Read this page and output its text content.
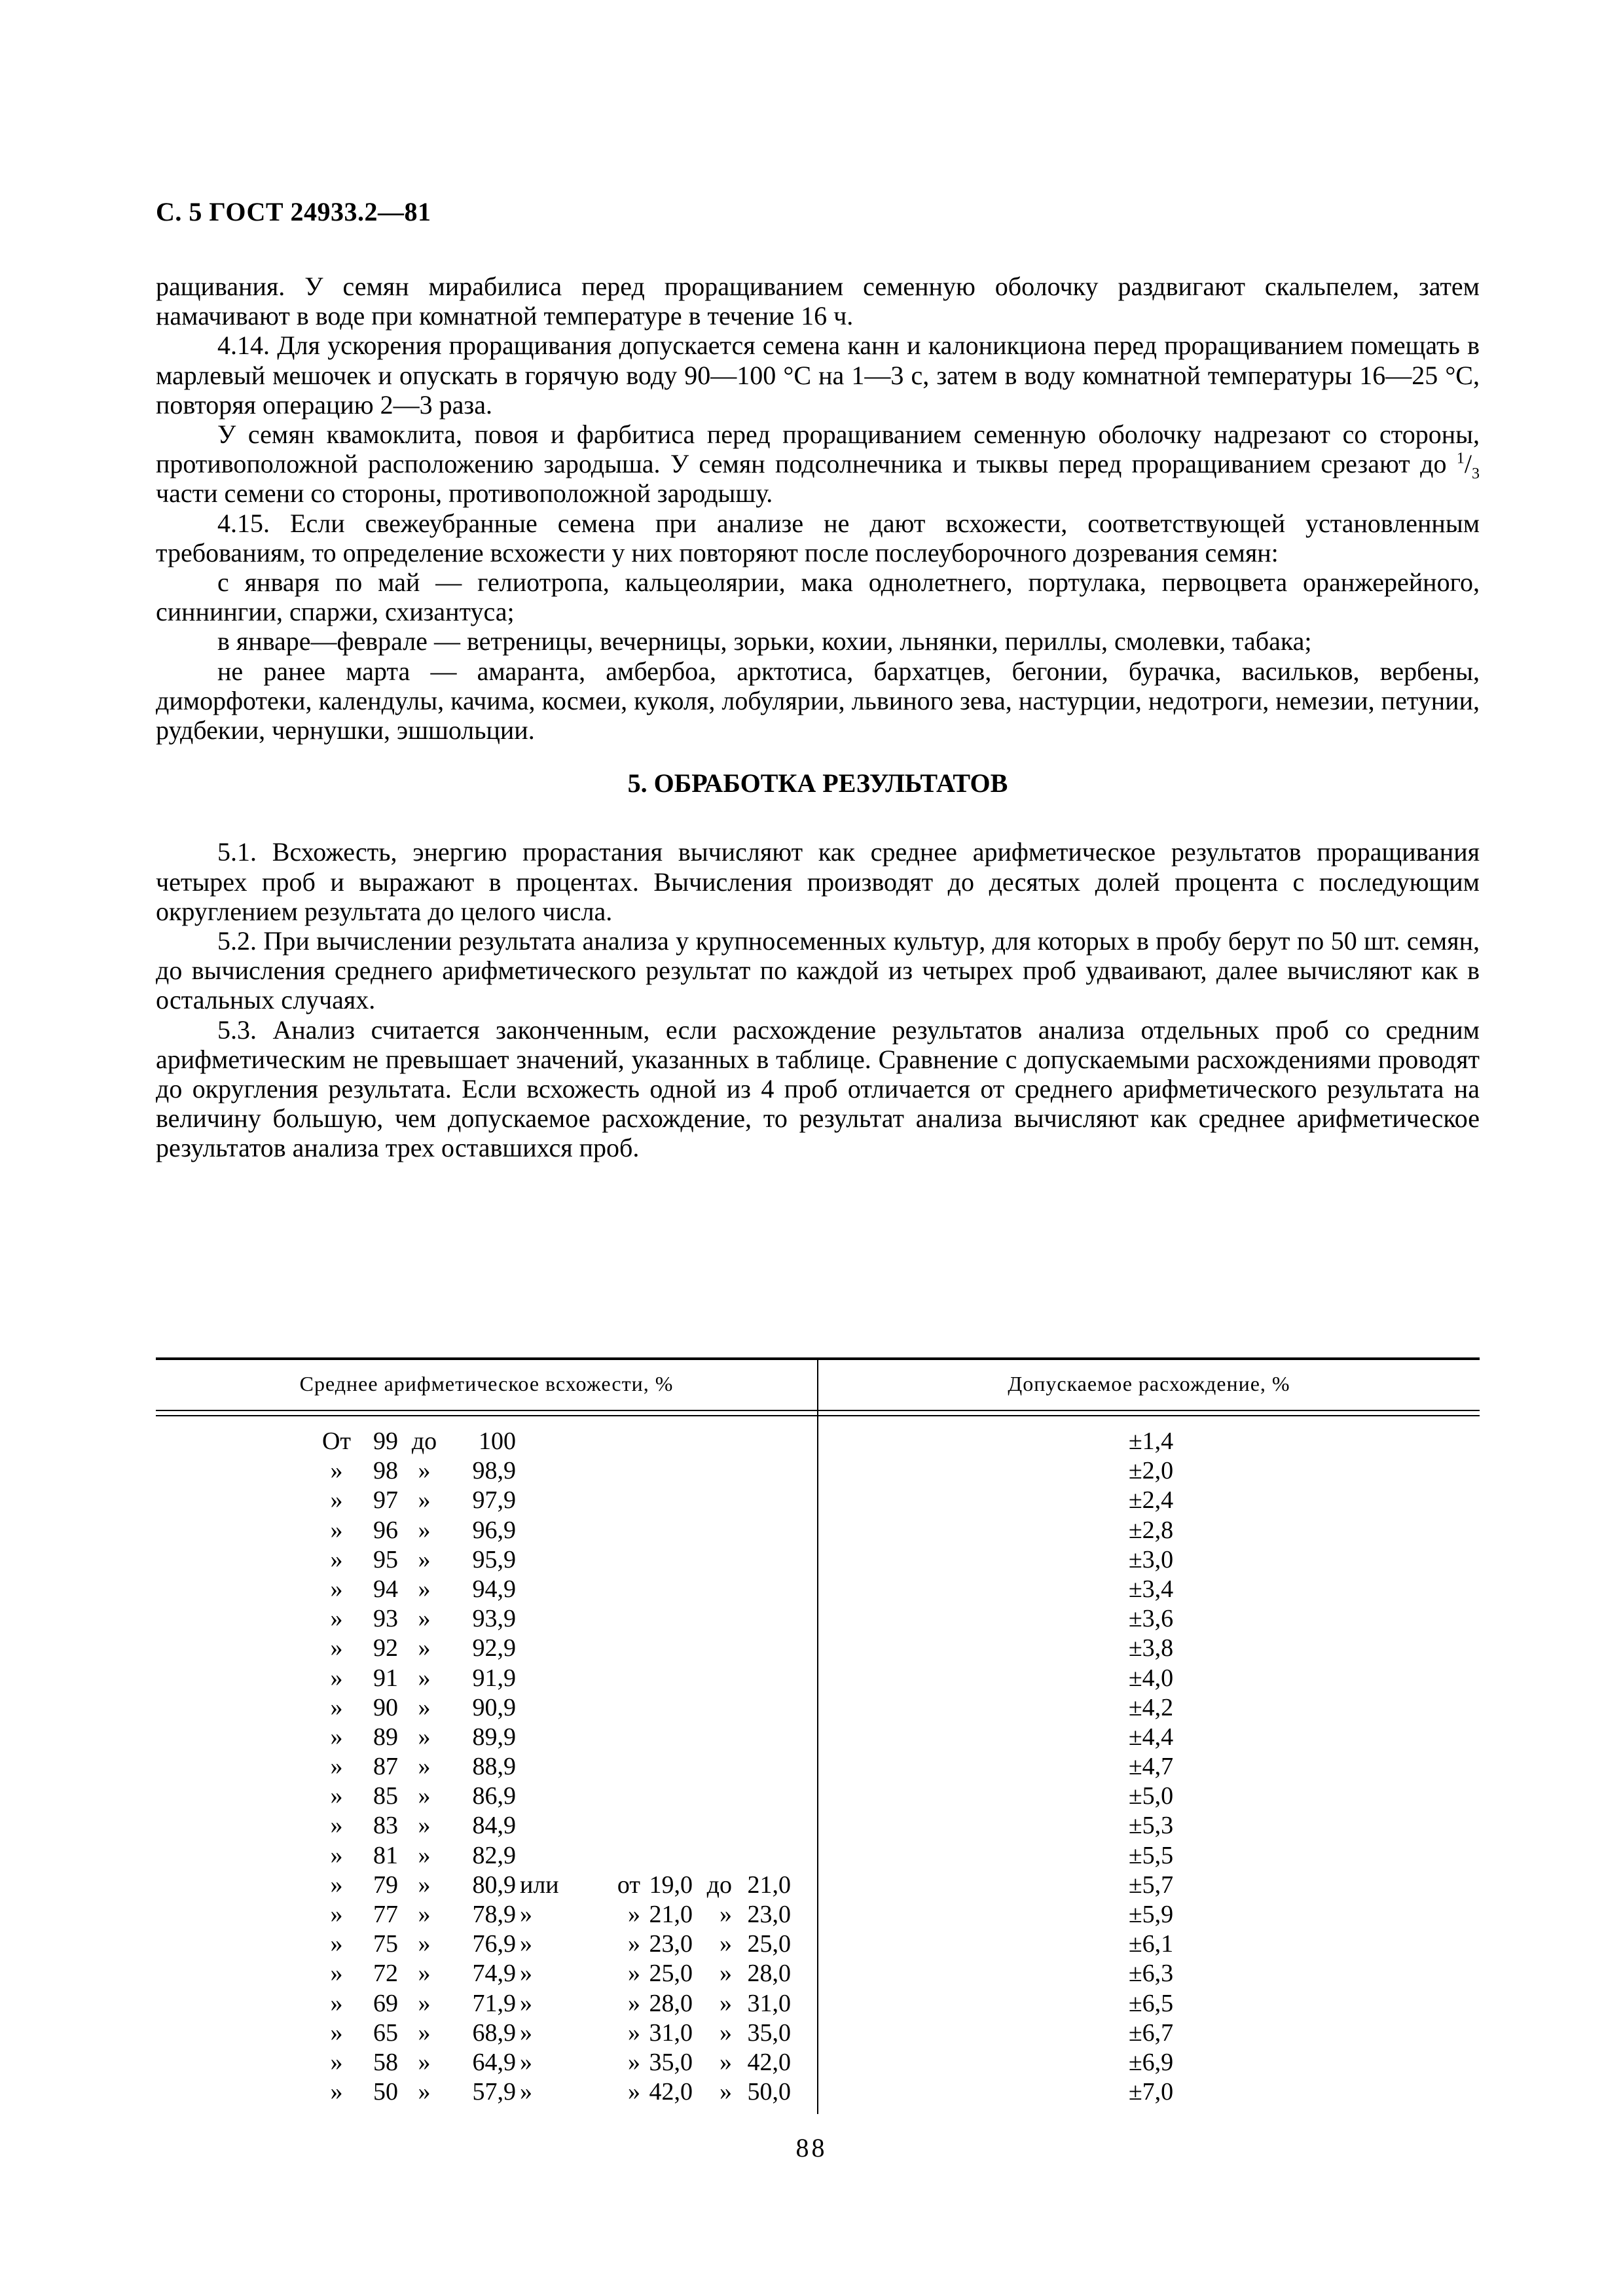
С. 5 ГОСТ 24933.2—81

ращивания. У семян мирабилиса перед проращиванием семенную оболочку раздвигают скальпелем, затем намачивают в воде при комнатной температуре в течение 16 ч.

4.14. Для ускорения проращивания допускается семена канн и калоникциона перед проращиванием помещать в марлевый мешочек и опускать в горячую воду 90—100 °С на 1—3 с, затем в воду комнатной температуры 16—25 °С, повторяя операцию 2—3 раза.

У семян квамоклита, повоя и фарбитиса перед проращиванием семенную оболочку надрезают со стороны, противоположной расположению зародыша. У семян подсолнечника и тыквы перед проращиванием срезают до $^1/_3$ части семени со стороны, противоположной зародышу.

4.15. Если свежеубранные семена при анализе не дают всхожести, соответствующей установленным требованиям, то определение всхожести у них повторяют после послеуборочного дозревания семян:

с января по май — гелиотропа, кальцеолярии, мака однолетнего, портулака, первоцвета оранжерейного, синнингии, спаржи, схизантуса;

в январе—феврале — ветреницы, вечерницы, зорьки, кохии, льнянки, периллы, смолевки, табака;

не ранее марта — амаранта, амбербоа, арктотиса, бархатцев, бегонии, бурачка, васильков, вербены, диморфотеки, календулы, качима, космеи, куколя, лобулярии, львиного зева, настурции, недотроги, немезии, петунии, рудбекии, чернушки, эшшольции.

5. ОБРАБОТКА РЕЗУЛЬТАТОВ

5.1. Всхожесть, энергию прорастания вычисляют как среднее арифметическое результатов проращивания четырех проб и выражают в процентах. Вычисления производят до десятых долей процента с последующим округлением результата до целого числа.

5.2. При вычислении результата анализа у крупносеменных культур, для которых в пробу берут по 50 шт. семян, до вычисления среднего арифметического результат по каждой из четырех проб удваивают, далее вычисляют как в остальных случаях.

5.3. Анализ считается законченным, если расхождение результатов анализа отдельных проб со средним арифметическим не превышает значений, указанных в таблице. Сравнение с допускаемыми расхождениями проводят до округления результата. Если всхожесть одной из 4 проб отличается от среднего арифметического результата на величину большую, чем допускаемое расхождение, то результат анализа вычисляют как среднее арифметическое результатов анализа трех оставшихся проб.

Среднее арифметическое всхожести, %	Допускаемое расхождение, %
От 99 до	100	±1,4
»	98 »	98,9	±2,0
»	97 »	97,9	±2,4
»	96 »	96,9	±2,8
»	95 »	95,9	±3,0
»	94 »	94,9	±3,4
»	93 »	93,9	±3,6
»	92 »	92,9	±3,8
»	91 »	91,9	±4,0
»	90 »	90,9	±4,2
»	89 »	89,9	±4,4
»	87 »	88,9	±4,7
»	85 »	86,9	±5,0
»	83 »	84,9	±5,3
»	81 »	82,9	±5,5
»	79 »	80,9 или	от 19,0 до 21,0	±5,7
»	77 »	78,9 »	» 21,0	» 23,0	±5,9
»	75 »	76,9 »	» 23,0	» 25,0	±6,1
»	72 »	74,9 »	» 25,0	» 28,0	±6,3
»	69 »	71,9 »	» 28,0	» 31,0	±6,5
»	65 »	68,9 »	» 31,0	» 35,0	±6,7
»	58 »	64,9 »	» 35,0	» 42,0	±6,9
»	50 »	57,9 »	» 42,0	» 50,0	±7,0
88
